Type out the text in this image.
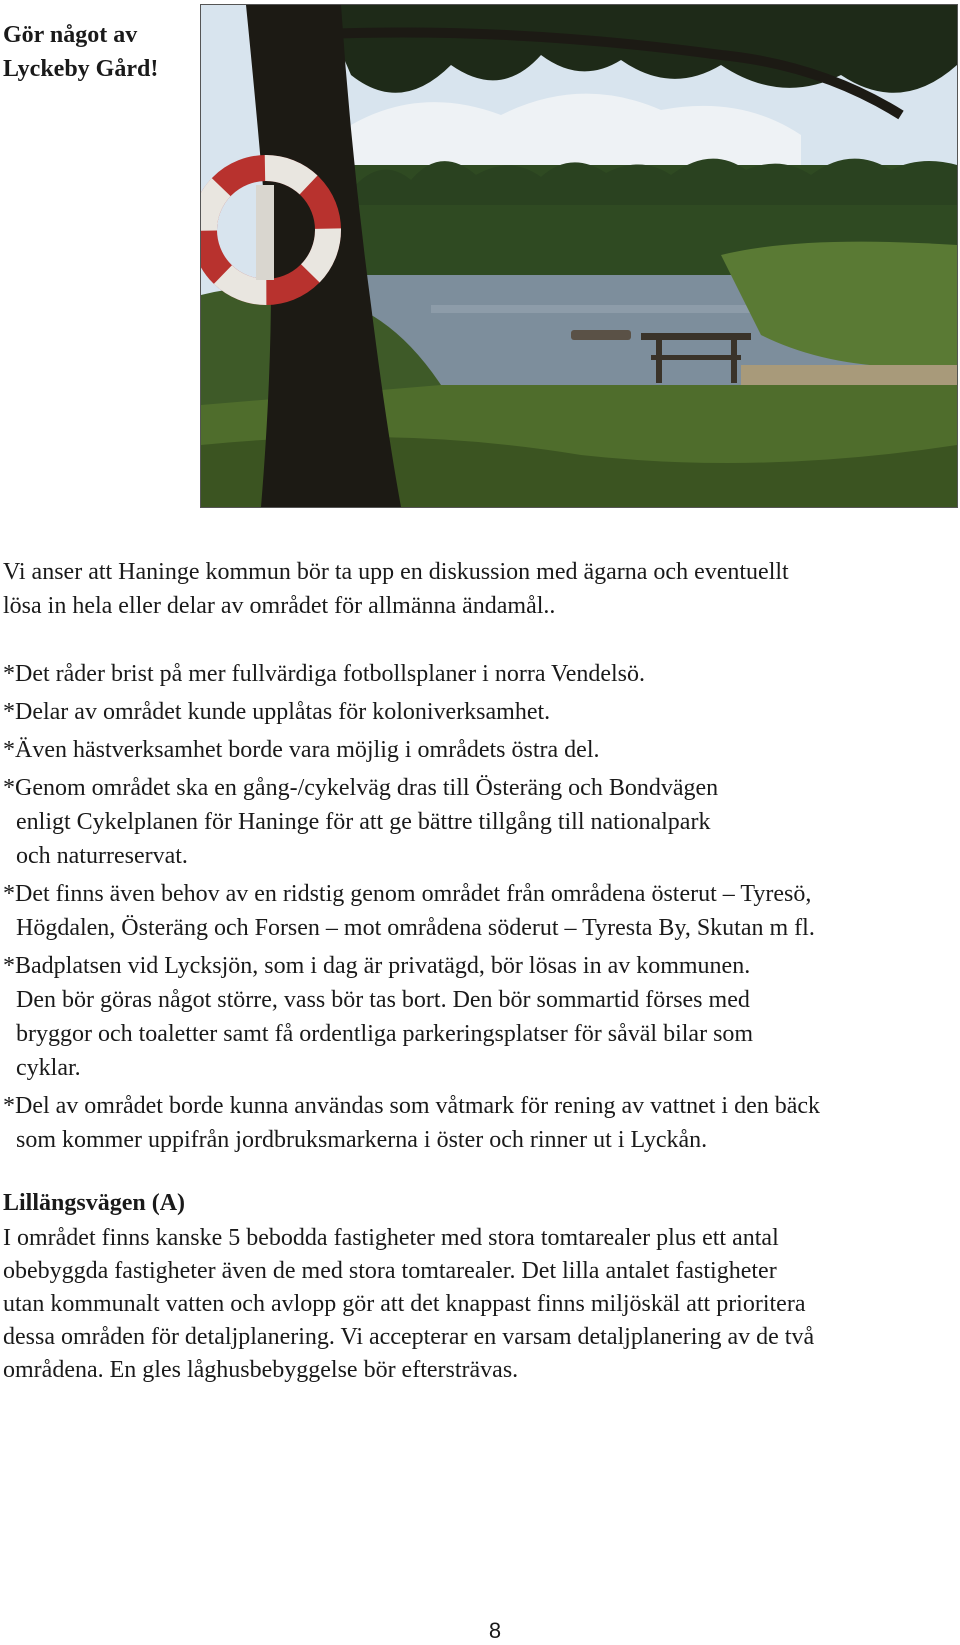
Gör något av
Lyckeby Gård!
Vi anser att Haninge kommun bör ta upp en diskussion med ägarna och eventuellt
lösa in hela eller delar av området för allmänna ändamål..
*Det råder brist på mer fullvärdiga fotbollsplaner i norra Vendelsö.
*Delar av området kunde upplåtas för koloniverksamhet.
*Även hästverksamhet borde vara möjlig i områdets östra del.
*Genom området ska en gång-/cykelväg dras till Österäng och Bondvägen
enligt Cykelplanen för Haninge för att ge bättre tillgång till nationalpark
och naturreservat.
*Det finns även behov av en ridstig genom området från områdena österut – Tyresö,
Högdalen, Österäng och Forsen – mot områdena söderut – Tyresta By, Skutan m fl.
*Badplatsen vid Lycksjön, som i dag är privatägd, bör lösas in av kommunen.
Den bör göras något större, vass bör tas bort. Den bör sommartid förses med
bryggor och toaletter samt få ordentliga parkeringsplatser för såväl bilar som
cyklar.
*Del av området borde kunna användas som våtmark för rening av vattnet i den bäck
som kommer uppifrån jordbruksmarkerna i öster och rinner ut i Lyckån.
Lillängsvägen (A)
I området finns kanske 5 bebodda fastigheter med stora tomtarealer plus ett antal
obebyggda fastigheter även de med stora tomtarealer. Det lilla antalet fastigheter
utan kommunalt vatten och avlopp gör att det knappast finns miljöskäl att prioritera
dessa områden för detaljplanering. Vi accepterar en varsam detaljplanering av de två
områdena. En gles låghusbebyggelse bör eftersträvas.
8
